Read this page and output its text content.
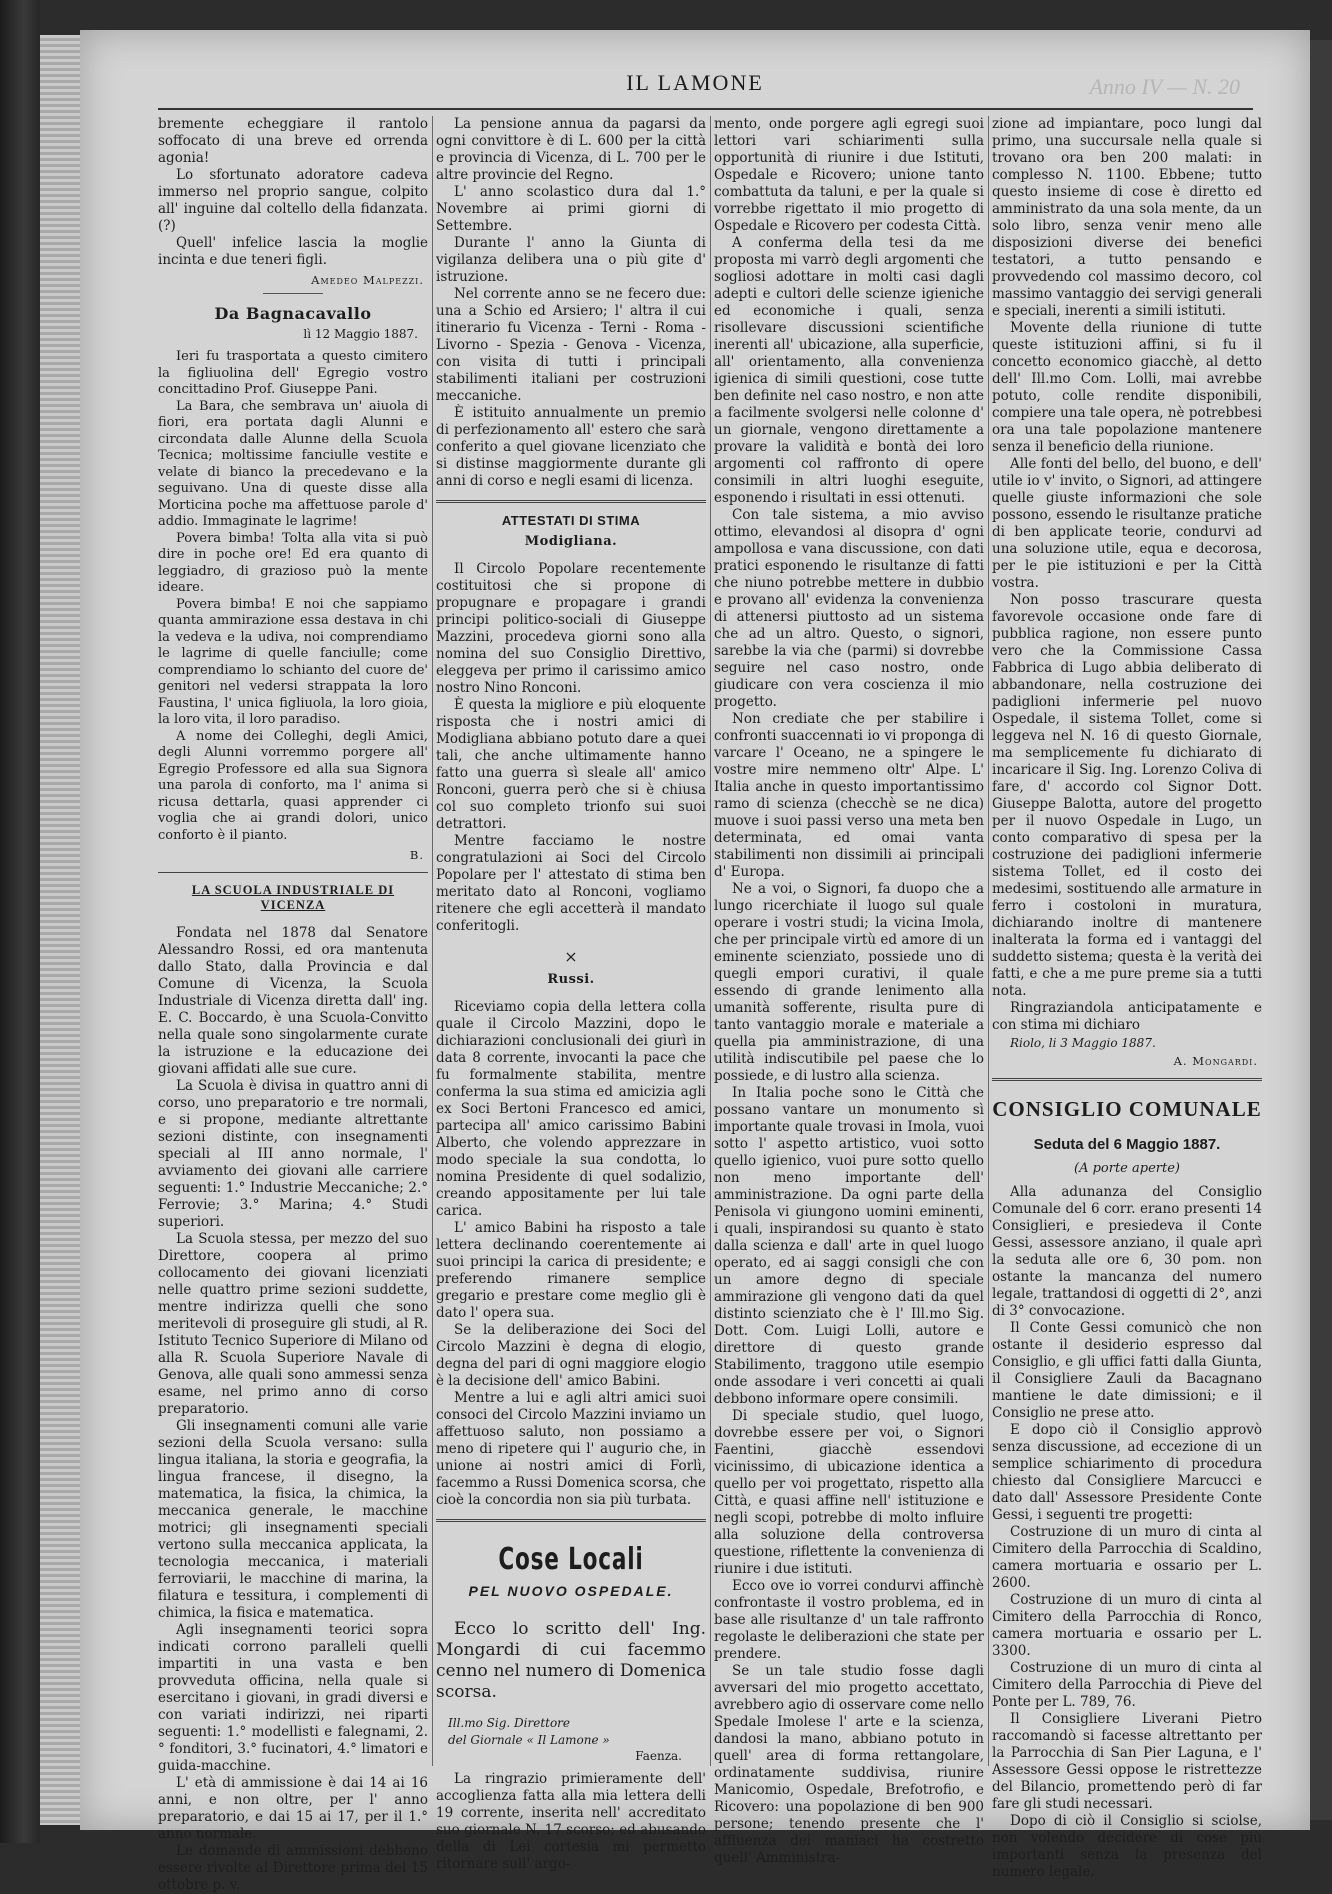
IL LAMONE	Anno IV — N. 20

bremente echeggiare il rantolo soffocato di una breve ed orrenda agonia!

Lo sfortunato adoratore cadeva immerso nel proprio sangue, colpito all' inguine dal coltello della fidanzata. (?)

Quell' infelice lascia la moglie incinta e due teneri figli.

Amedeo Malpezzi.
Da Bagnacavallo
lì 12 Maggio 1887.

Ieri fu trasportata a questo cimitero la figliuolina dell' Egregio vostro concittadino Prof. Giuseppe Pani.

La Bara, che sembrava un' aiuola di fiori, era portata dagli Alunni e circondata dalle Alunne della Scuola Tecnica; moltissime fanciulle vestite e velate di bianco la precedevano e la seguivano. Una di queste disse alla Morticina poche ma affettuose parole d' addio. Immaginate le lagrime!

Povera bimba! Tolta alla vita si può dire in poche ore! Ed era quanto di leggiadro, di grazioso può la mente ideare.

Povera bimba! E noi che sappiamo quanta ammirazione essa destava in chi la vedeva e la udiva, noi comprendiamo le lagrime di quelle fanciulle; come comprendiamo lo schianto del cuore de' genitori nel vedersi strappata la loro Faustina, l' unica figliuola, la loro gioia, la loro vita, il loro paradiso.

A nome dei Colleghi, degli Amici, degli Alunni vorremmo porgere all' Egregio Professore ed alla sua Signora una parola di conforto, ma l' anima si ricusa dettarla, quasi apprender ci voglia che ai grandi dolori, unico conforto è il pianto.

B.
LA SCUOLA INDUSTRIALE DI VICENZA

Fondata nel 1878 dal Senatore Alessandro Rossi, ed ora mantenuta dallo Stato, dalla Provincia e dal Comune di Vicenza, la Scuola Industriale di Vicenza diretta dall' ing. E. C. Boccardo, è una Scuola-Convitto nella quale sono singolarmente curate la istruzione e la educazione dei giovani affidati alle sue cure.

La Scuola è divisa in quattro anni di corso, uno preparatorio e tre normali, e si propone, mediante altrettante sezioni distinte, con insegnamenti speciali al III anno normale, l' avviamento dei giovani alle carriere seguenti: 1.° Industrie Meccaniche; 2.° Ferrovie; 3.° Marina; 4.° Studi superiori.

La Scuola stessa, per mezzo del suo Direttore, coopera al primo collocamento dei giovani licenziati nelle quattro prime sezioni suddette, mentre indirizza quelli che sono meritevoli di proseguire gli studi, al R. Istituto Tecnico Superiore di Milano od alla R. Scuola Superiore Navale di Genova, alle quali sono ammessi senza esame, nel primo anno di corso preparatorio.

Gli insegnamenti comuni alle varie sezioni della Scuola versano: sulla lingua italiana, la storia e geografia, la lingua francese, il disegno, la matematica, la fisica, la chimica, la meccanica generale, le macchine motrici; gli insegnamenti speciali vertono sulla meccanica applicata, la tecnologia meccanica, i materiali ferroviarii, le macchine di marina, la filatura e tessitura, i complementi di chimica, la fisica e matematica.

Agli insegnamenti teorici sopra indicati corrono paralleli quelli impartiti in una vasta e ben provveduta officina, nella quale si esercitano i giovani, in gradi diversi e con variati indirizzi, nei riparti seguenti: 1.° modellisti e falegnami, 2.° fonditori, 3.° fucinatori, 4.° limatori e guida-macchine.

L' età di ammissione è dai 14 ai 16 anni, e non oltre, per l' anno preparatorio, e dai 15 ai 17, per il 1.° anno normale.

Le domande di ammissioni debbono essere rivolte al Direttore prima del 15 ottobre p. v.

La pensione annua da pagarsi da ogni convittore è di L. 600 per la città e provincia di Vicenza, di L. 700 per le altre provincie del Regno.

L' anno scolastico dura dal 1.° Novembre ai primi giorni di Settembre.

Durante l' anno la Giunta di vigilanza delibera una o più gite d' istruzione.

Nel corrente anno se ne fecero due: una a Schio ed Arsiero; l' altra il cui itinerario fu Vicenza - Terni - Roma - Livorno - Spezia - Genova - Vicenza, con visita di tutti i principali stabilimenti italiani per costruzioni meccaniche.

È istituito annualmente un premio di perfezionamento all' estero che sarà conferito a quel giovane licenziato che si distinse maggiormente durante gli anni di corso e negli esami di licenza.

ATTESTATI DI STIMA
Modigliana.

Il Circolo Popolare recentemente costituitosi che si propone di propugnare e propagare i grandi principi politico-sociali di Giuseppe Mazzini, procedeva giorni sono alla nomina del suo Consiglio Direttivo, eleggeva per primo il carissimo amico nostro Nino Ronconi.

È questa la migliore e più eloquente risposta che i nostri amici di Modigliana abbiano potuto dare a quei tali, che anche ultimamente hanno fatto una guerra sì sleale all' amico Ronconi, guerra però che si è chiusa col suo completo trionfo sui suoi detrattori.

Mentre facciamo le nostre congratulazioni ai Soci del Circolo Popolare per l' attestato di stima ben meritato dato al Ronconi, vogliamo ritenere che egli accetterà il mandato conferitogli.

×
Russi.

Riceviamo copia della lettera colla quale il Circolo Mazzini, dopo le dichiarazioni conclusionali dei giurì in data 8 corrente, invocanti la pace che fu formalmente stabilita, mentre conferma la sua stima ed amicizia agli ex Soci Bertoni Francesco ed amici, partecipa all' amico carissimo Babini Alberto, che volendo apprezzare in modo speciale la sua condotta, lo nomina Presidente di quel sodalizio, creando appositamente per lui tale carica.

L' amico Babini ha risposto a tale lettera declinando coerentemente ai suoi principi la carica di presidente; e preferendo rimanere semplice gregario e prestare come meglio gli è dato l' opera sua.

Se la deliberazione dei Soci del Circolo Mazzini è degna di elogio, degna del pari di ogni maggiore elogio è la decisione dell' amico Babini.

Mentre a lui e agli altri amici suoi consoci del Circolo Mazzini inviamo un affettuoso saluto, non possiamo a meno di ripetere qui l' augurio che, in unione ai nostri amici di Forlì, facemmo a Russi Domenica scorsa, che cioè la concordia non sia più turbata.

Cose Locali
PEL NUOVO OSPEDALE.

Ecco lo scritto dell' Ing. Mongardi di cui facemmo cenno nel numero di Domenica scorsa.

Ill.mo Sig. Direttore
del Giornale « Il Lamone »
Faenza.

La ringrazio primieramente dell' accoglienza fatta alla mia lettera delli 19 corrente, inserita nell' accreditato suo giornale N. 17 scorso; ed abusando della di Lei cortesia mi permetto ritornare sull' argo-

mento, onde porgere agli egregi suoi lettori vari schiarimenti sulla opportunità di riunire i due Istituti, Ospedale e Ricovero; unione tanto combattuta da taluni, e per la quale si vorrebbe rigettato il mio progetto di Ospedale e Ricovero per codesta Città.

A conferma della tesi da me proposta mi varrò degli argomenti che sogliosi adottare in molti casi dagli adepti e cultori delle scienze igieniche ed economiche i quali, senza risollevare discussioni scientifiche inerenti all' ubicazione, alla superficie, all' orientamento, alla convenienza igienica di simili questioni, cose tutte ben definite nel caso nostro, e non atte a facilmente svolgersi nelle colonne d' un giornale, vengono direttamente a provare la validità e bontà dei loro argomenti col raffronto di opere consimili in altri luoghi eseguite, esponendo i risultati in essi ottenuti.

Con tale sistema, a mio avviso ottimo, elevandosi al disopra d' ogni ampollosa e vana discussione, con dati pratici esponendo le risultanze di fatti che niuno potrebbe mettere in dubbio e provano all' evidenza la convenienza di attenersi piuttosto ad un sistema che ad un altro. Questo, o signori, sarebbe la via che (parmi) si dovrebbe seguire nel caso nostro, onde giudicare con vera coscienza il mio progetto.

Non crediate che per stabilire i confronti suaccennati io vi proponga di varcare l' Oceano, ne a spingere le vostre mire nemmeno oltr' Alpe. L' Italia anche in questo importantissimo ramo di scienza (checchè se ne dica) muove i suoi passi verso una meta ben determinata, ed omai vanta stabilimenti non dissimili ai principali d' Europa.

Ne a voi, o Signori, fa duopo che a lungo ricerchiate il luogo sul quale operare i vostri studi; la vicina Imola, che per principale virtù ed amore di un eminente scienziato, possiede uno di quegli empori curativi, il quale essendo di grande lenimento alla umanità sofferente, risulta pure di tanto vantaggio morale e materiale a quella pia amministrazione, di una utilità indiscutibile pel paese che lo possiede, e di lustro alla scienza.

In Italia poche sono le Città che possano vantare un monumento sì importante quale trovasi in Imola, vuoi sotto l' aspetto artistico, vuoi sotto quello igienico, vuoi pure sotto quello non meno importante dell' amministrazione. Da ogni parte della Penisola vi giungono uomini eminenti, i quali, inspirandosi su quanto è stato dalla scienza e dall' arte in quel luogo operato, ed ai saggi consigli che con un amore degno di speciale ammirazione gli vengono dati da quel distinto scienziato che è l' Ill.mo Sig. Dott. Com. Luigi Lolli, autore e direttore di questo grande Stabilimento, traggono utile esempio onde assodare i veri concetti ai quali debbono informare opere consimili.

Di speciale studio, quel luogo, dovrebbe essere per voi, o Signori Faentini, giacchè essendovi vicinissimo, di ubicazione identica a quello per voi progettato, rispetto alla Città, e quasi affine nell' istituzione e negli scopi, potrebbe di molto influire alla soluzione della controversa questione, riflettente la convenienza di riunire i due istituti.

Ecco ove io vorrei condurvi affinchè confrontaste il vostro problema, ed in base alle risultanze d' un tale raffronto regolaste le deliberazioni che state per prendere.

Se un tale studio fosse dagli avversari del mio progetto accettato, avrebbero agio di osservare come nello Spedale Imolese l' arte e la scienza, dandosi la mano, abbiano potuto in quell' area di forma rettangolare, ordinatamente suddivisa, riunire Manicomio, Ospedale, Brefotrofio, e Ricovero: una popolazione di ben 900 persone; tenendo presente che l' affluenza dei maniaci ha costretto quell' Amministra-

zione ad impiantare, poco lungi dal primo, una succursale nella quale si trovano ora ben 200 malati: in complesso N. 1100. Ebbene; tutto questo insieme di cose è diretto ed amministrato da una sola mente, da un solo libro, senza venir meno alle disposizioni diverse dei benefici testatori, a tutto pensando e provvedendo col massimo decoro, col massimo vantaggio dei servigi generali e speciali, inerenti a simili istituti.

Movente della riunione di tutte queste istituzioni affini, si fu il concetto economico giacchè, al detto dell' Ill.mo Com. Lolli, mai avrebbe potuto, colle rendite disponibili, compiere una tale opera, nè potrebbesi ora una tale popolazione mantenere senza il beneficio della riunione.

Alle fonti del bello, del buono, e dell' utile io v' invito, o Signori, ad attingere quelle giuste informazioni che sole possono, essendo le risultanze pratiche di ben applicate teorie, condurvi ad una soluzione utile, equa e decorosa, per le pie istituzioni e per la Città vostra.

Non posso trascurare questa favorevole occasione onde fare di pubblica ragione, non essere punto vero che la Commissione Cassa Fabbrica di Lugo abbia deliberato di abbandonare, nella costruzione dei padiglioni infermerie pel nuovo Ospedale, il sistema Tollet, come si leggeva nel N. 16 di questo Giornale, ma semplicemente fu dichiarato di incaricare il Sig. Ing. Lorenzo Coliva di fare, d' accordo col Signor Dott. Giuseppe Balotta, autore del progetto per il nuovo Ospedale in Lugo, un conto comparativo di spesa per la costruzione dei padiglioni infermerie sistema Tollet, ed il costo dei medesimi, sostituendo alle armature in ferro i costoloni in muratura, dichiarando inoltre di mantenere inalterata la forma ed i vantaggi del suddetto sistema; questa è la verità dei fatti, e che a me pure preme sia a tutti nota.

Ringraziandola anticipatamente e con stima mi dichiaro

Riolo, li 3 Maggio 1887.
A. Mongardi.
CONSIGLIO COMUNALE
Seduta del 6 Maggio 1887.
(A porte aperte)

Alla adunanza del Consiglio Comunale del 6 corr. erano presenti 14 Consiglieri, e presiedeva il Conte Gessi, assessore anziano, il quale aprì la seduta alle ore 6, 30 pom. non ostante la mancanza del numero legale, trattandosi di oggetti di 2°, anzi di 3° convocazione.

Il Conte Gessi comunicò che non ostante il desiderio espresso dal Consiglio, e gli uffici fatti dalla Giunta, il Consigliere Zauli da Bacagnano mantiene le date dimissioni; e il Consiglio ne prese atto.

E dopo ciò il Consiglio approvò senza discussione, ad eccezione di un semplice schiarimento di procedura chiesto dal Consigliere Marcucci e dato dall' Assessore Presidente Conte Gessi, i seguenti tre progetti:

Costruzione di un muro di cinta al Cimitero della Parrocchia di Scaldino, camera mortuaria e ossario per L. 2600.

Costruzione di un muro di cinta al Cimitero della Parrocchia di Ronco, camera mortuaria e ossario per L. 3300.

Costruzione di un muro di cinta al Cimitero della Parrocchia di Pieve del Ponte per L. 789, 76.

Il Consigliere Liverani Pietro raccomandò si facesse altrettanto per la Parrocchia di San Pier Laguna, e l' Assessore Gessi oppose le ristrettezze del Bilancio, promettendo però di far fare gli studi necessari.

Dopo di ciò il Consiglio si sciolse, non volendo decidere di cose più importanti senza la presenza del numero legale.
